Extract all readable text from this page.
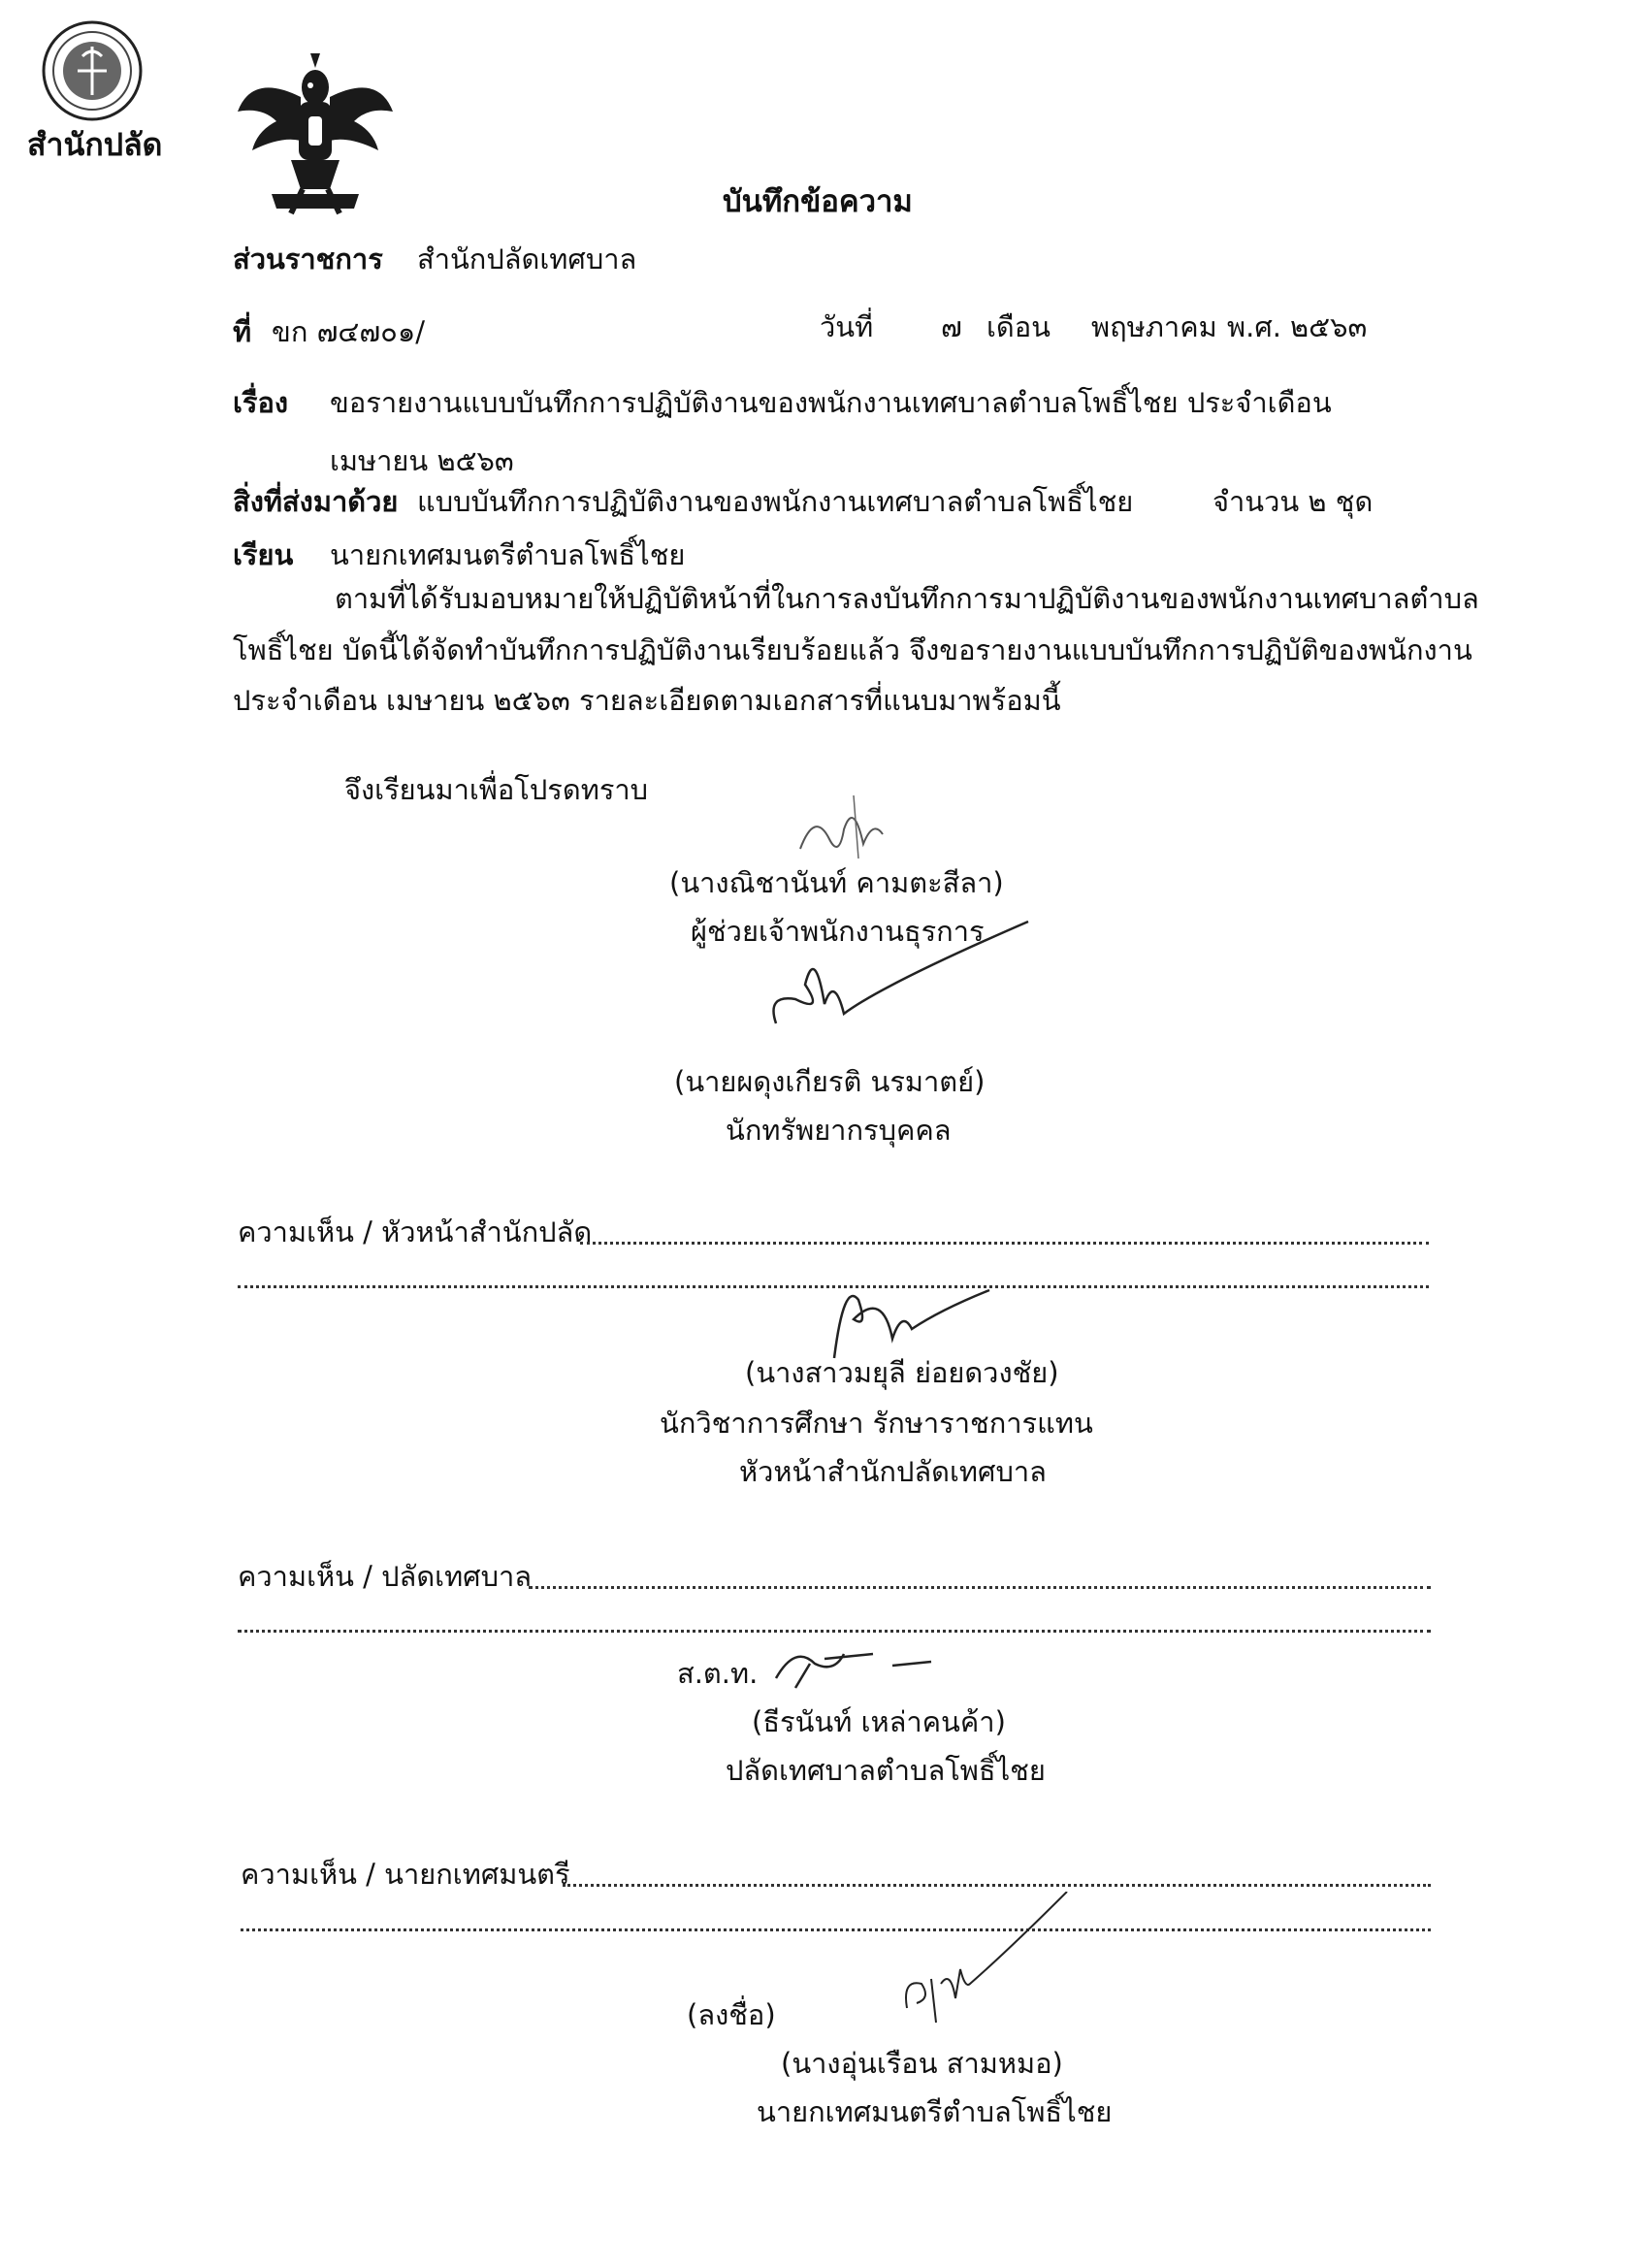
สำนักปลัด
บันทึกข้อความ
ส่วนราชการ สำนักปลัดเทศบาล
ที่ ขก ๗๔๗๐๑/	วันที่ ๗ เดือน พฤษภาคม พ.ศ. ๒๕๖๓
เรื่อง ขอรายงานแบบบันทึกการปฏิบัติงานของพนักงานเทศบาลตำบลโพธิ์ไชย ประจำเดือน
เมษายน ๒๕๖๓
สิ่งที่ส่งมาด้วย แบบบันทึกการปฏิบัติงานของพนักงานเทศบาลตำบลโพธิ์ไชย	จำนวน ๒ ชุด
เรียน นายกเทศมนตรีตำบลโพธิ์ไชย
ตามที่ได้รับมอบหมายให้ปฏิบัติหน้าที่ในการลงบันทึกการมาปฏิบัติงานของพนักงานเทศบาลตำบล
โพธิ์ไชย บัดนี้ได้จัดทำบันทึกการปฏิบัติงานเรียบร้อยแล้ว จึงขอรายงานแบบบันทึกการปฏิบัติของพนักงาน
ประจำเดือน เมษายน ๒๕๖๓ รายละเอียดตามเอกสารที่แนบมาพร้อมนี้
จึงเรียนมาเพื่อโปรดทราบ
(นางณิชานันท์ คามตะสีลา)
ผู้ช่วยเจ้าพนักงานธุรการ
(นายผดุงเกียรติ นรมาตย์)
นักทรัพยากรบุคคล
ความเห็น / หัวหน้าสำนักปลัด
(นางสาวมยุลี ย่อยดวงชัย)
นักวิชาการศึกษา รักษาราชการแทน
หัวหน้าสำนักปลัดเทศบาล
ความเห็น / ปลัดเทศบาล
ส.ต.ท.
(ธีรนันท์ เหล่าคนค้า)
ปลัดเทศบาลตำบลโพธิ์ไชย
ความเห็น / นายกเทศมนตรี
(ลงชื่อ)
(นางอุ่นเรือน สามหมอ)
นายกเทศมนตรีตำบลโพธิ์ไชย
